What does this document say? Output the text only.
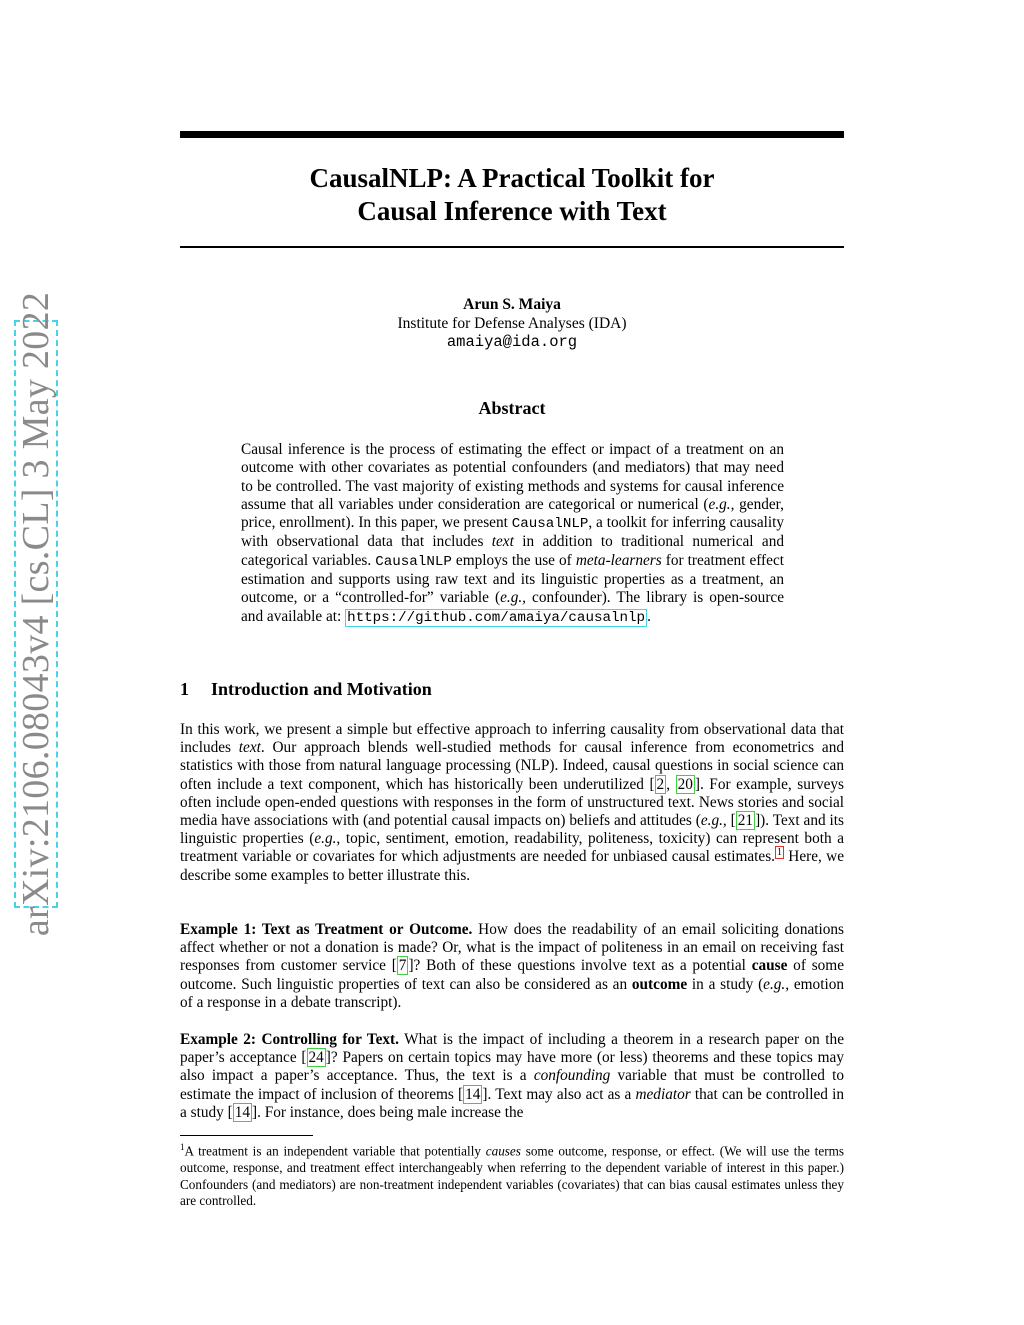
arXiv:2106.08043v4 [cs.CL] 3 May 2022
CausalNLP: A Practical Toolkit for
Causal Inference with Text
Arun S. Maiya
Institute for Defense Analyses (IDA)
amaiya@ida.org
Abstract

Causal inference is the process of estimating the effect or impact of a treatment on an outcome with other covariates as potential confounders (and mediators) that may need to be controlled. The vast majority of existing methods and systems for causal inference assume that all variables under consideration are categorical or numerical (e.g., gender, price, enrollment). In this paper, we present CausalNLP, a toolkit for inferring causality with observational data that includes text in addition to traditional numerical and categorical variables. CausalNLP employs the use of meta-learners for treatment effect estimation and supports using raw text and its linguistic properties as a treatment, an outcome, or a “controlled-for” variable (e.g., confounder). The library is open-source and available at: https://github.com/amaiya/causalnlp .

1 Introduction and Motivation

In this work, we present a simple but effective approach to inferring causality from observational data that includes text. Our approach blends well-studied methods for causal inference from econometrics and statistics with those from natural language processing (NLP). Indeed, causal questions in social science can often include a text component, which has historically been underutilized [ 2 , 20 ]. For example, surveys often include open-ended questions with responses in the form of unstructured text. News stories and social media have associations with (and potential causal impacts on) beliefs and attitudes (e.g., [ 21 ]). Text and its linguistic properties (e.g., topic, sentiment, emotion, readability, politeness, toxicity) can represent both a treatment variable or covariates for which adjustments are needed for unbiased causal estimates. $^1$ Here, we describe some examples to better illustrate this.

Example 1: Text as Treatment or Outcome. How does the readability of an email soliciting donations affect whether or not a donation is made? Or, what is the impact of politeness in an email on receiving fast responses from customer service [ 7 ]? Both of these questions involve text as a potential cause of some outcome. Such linguistic properties of text can also be considered as an outcome in a study (e.g., emotion of a response in a debate transcript).

Example 2: Controlling for Text. What is the impact of including a theorem in a research paper on the paper’s acceptance [ 24 ]? Papers on certain topics may have more (or less) theorems and these topics may also impact a paper’s acceptance. Thus, the text is a confounding variable that must be controlled to estimate the impact of inclusion of theorems [ 14 ]. Text may also act as a mediator that can be controlled in a study [ 14 ]. For instance, does being male increase the

$^1$A treatment is an independent variable that potentially causes some outcome, response, or effect. (We will use the terms outcome, response, and treatment effect interchangeably when referring to the dependent variable of interest in this paper.) Confounders (and mediators) are non-treatment independent variables (covariates) that can bias causal estimates unless they are controlled.
